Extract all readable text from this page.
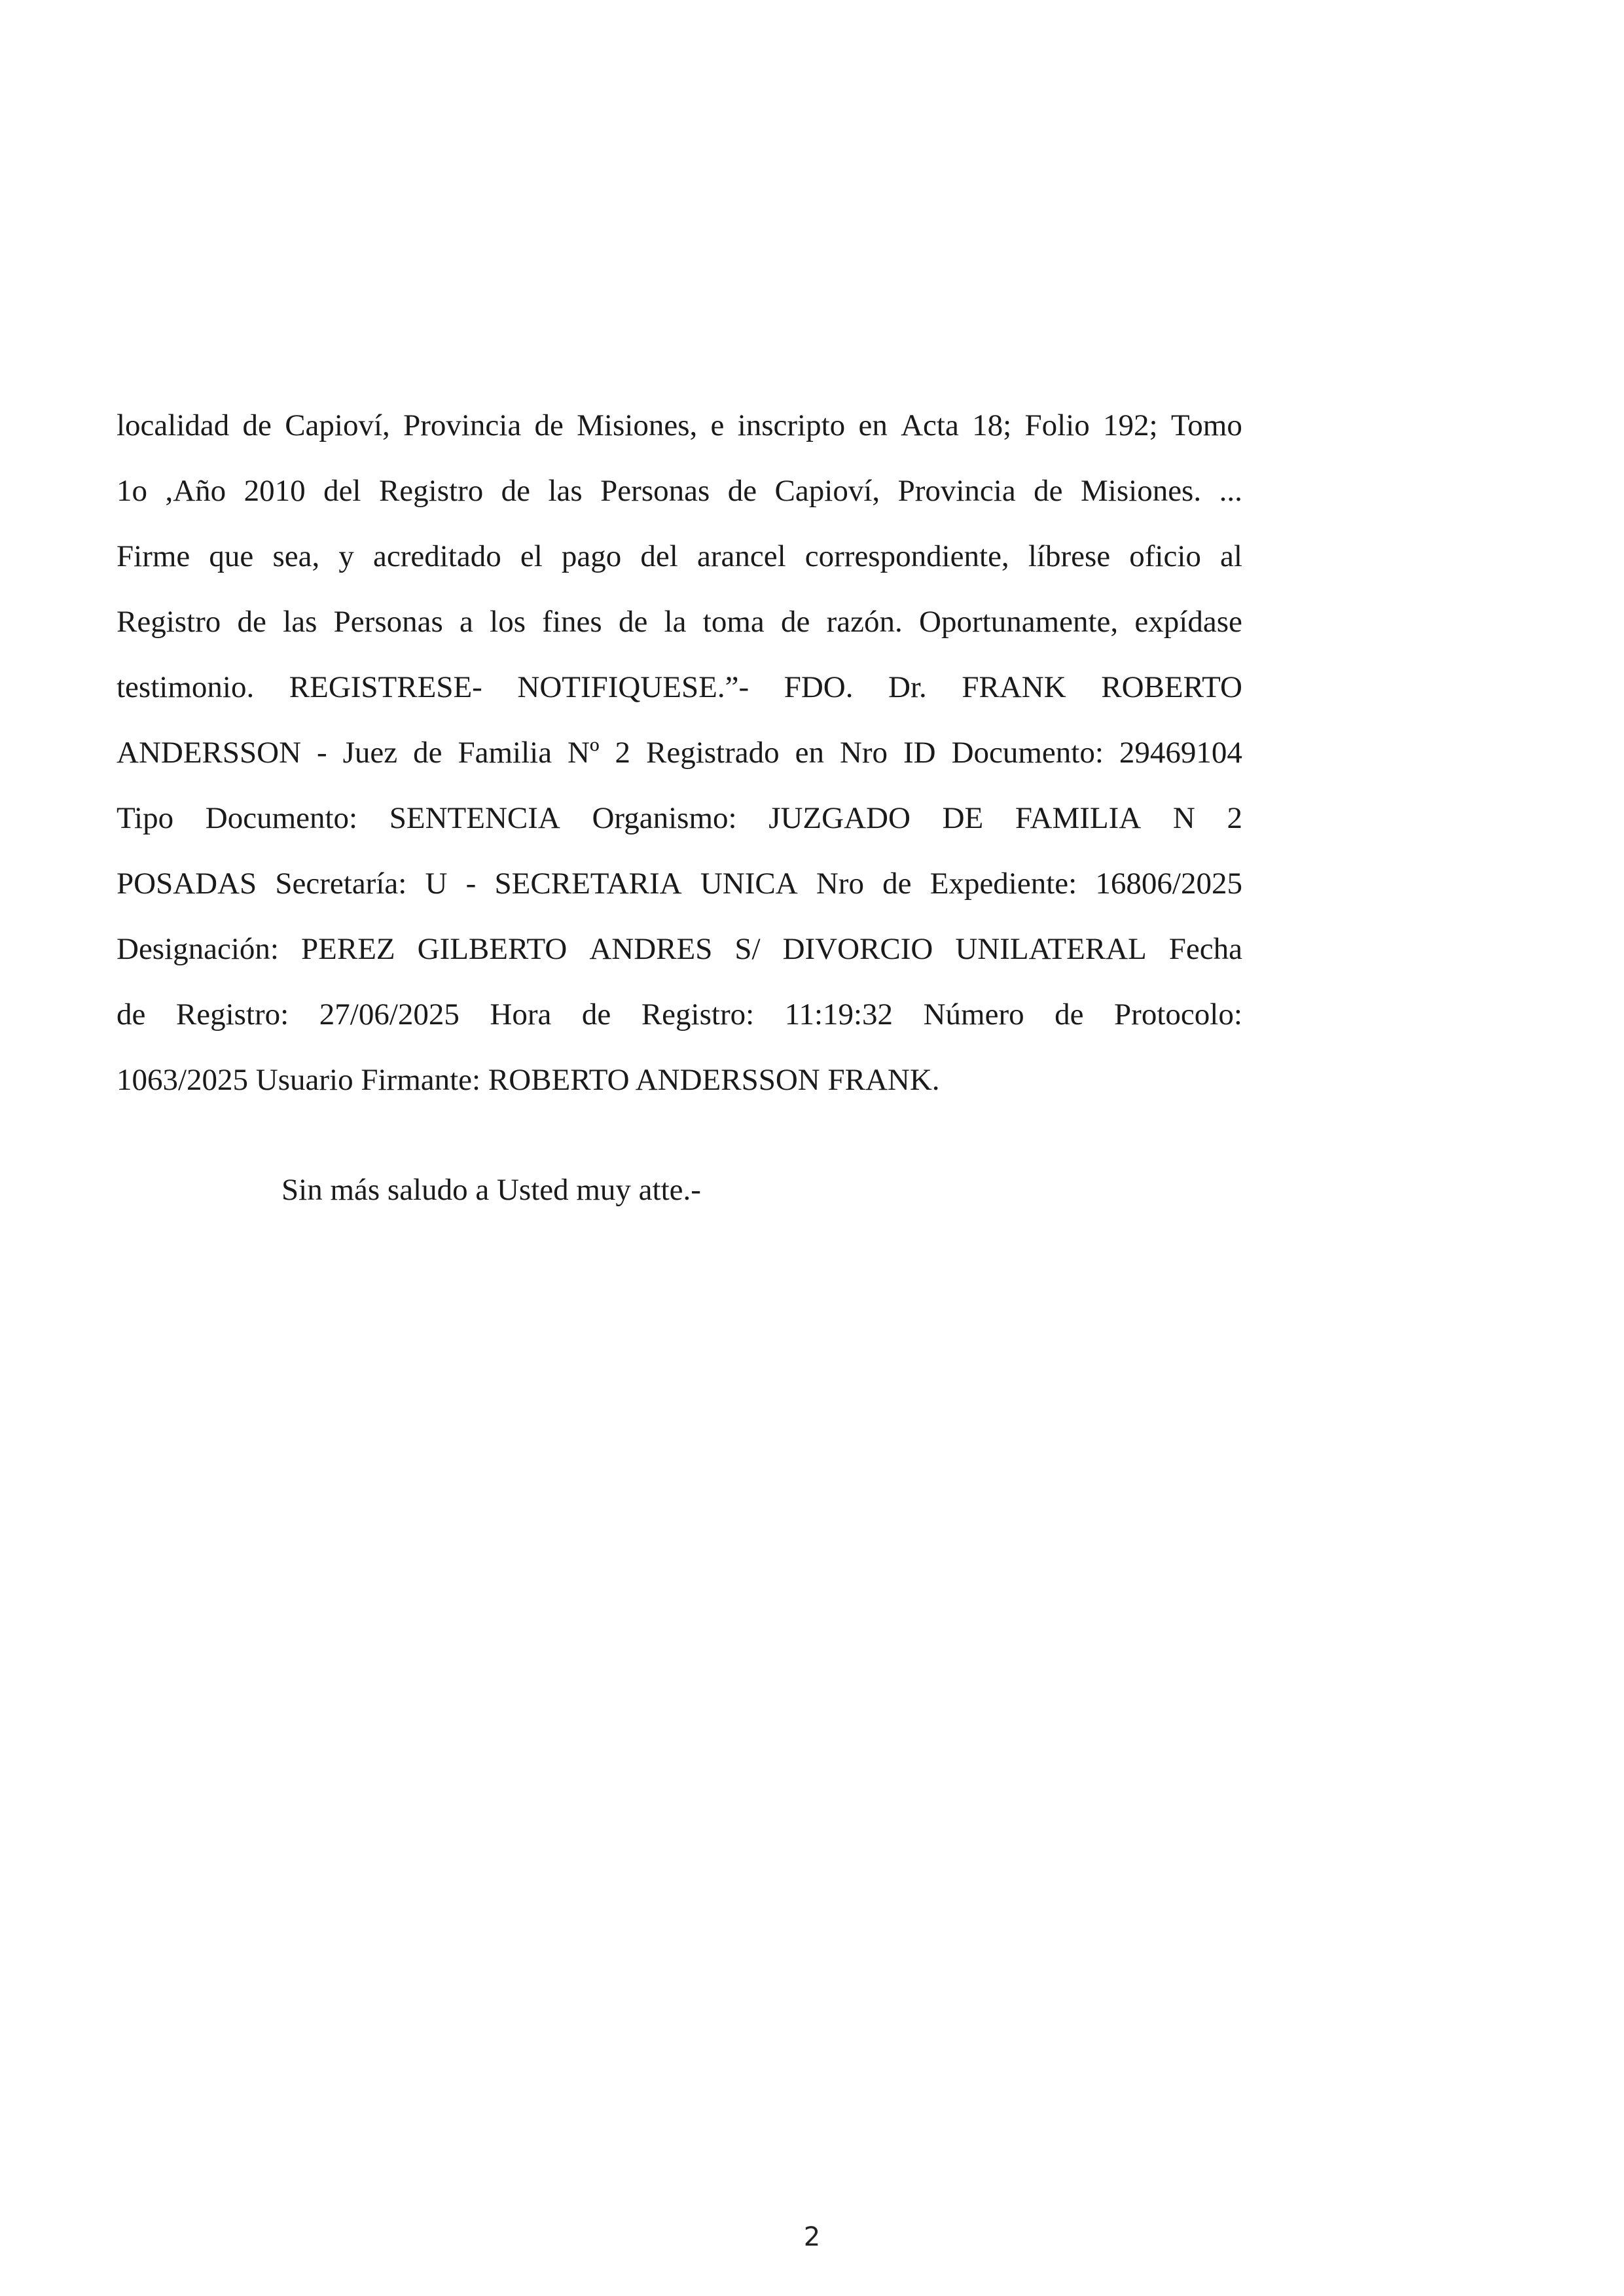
localidad de Capioví, Provincia de Misiones, e inscripto en Acta 18; Folio 192; Tomo
1o ,Año 2010 del Registro de las Personas de Capioví, Provincia de Misiones. ...
Firme que sea, y acreditado el pago del arancel correspondiente, líbrese oficio al
Registro de las Personas a los fines de la toma de razón. Oportunamente, expídase
testimonio. REGISTRESE- NOTIFIQUESE.”- FDO. Dr. FRANK ROBERTO
ANDERSSON - Juez de Familia Nº 2 Registrado en Nro ID Documento: 29469104
Tipo Documento: SENTENCIA Organismo: JUZGADO DE FAMILIA N 2
POSADAS Secretaría: U - SECRETARIA UNICA Nro de Expediente: 16806/2025
Designación: PEREZ GILBERTO ANDRES S/ DIVORCIO UNILATERAL Fecha
de Registro: 27/06/2025 Hora de Registro: 11:19:32 Número de Protocolo:
1063/2025 Usuario Firmante: ROBERTO ANDERSSON FRANK.
Sin más saludo a Usted muy atte.-
2
